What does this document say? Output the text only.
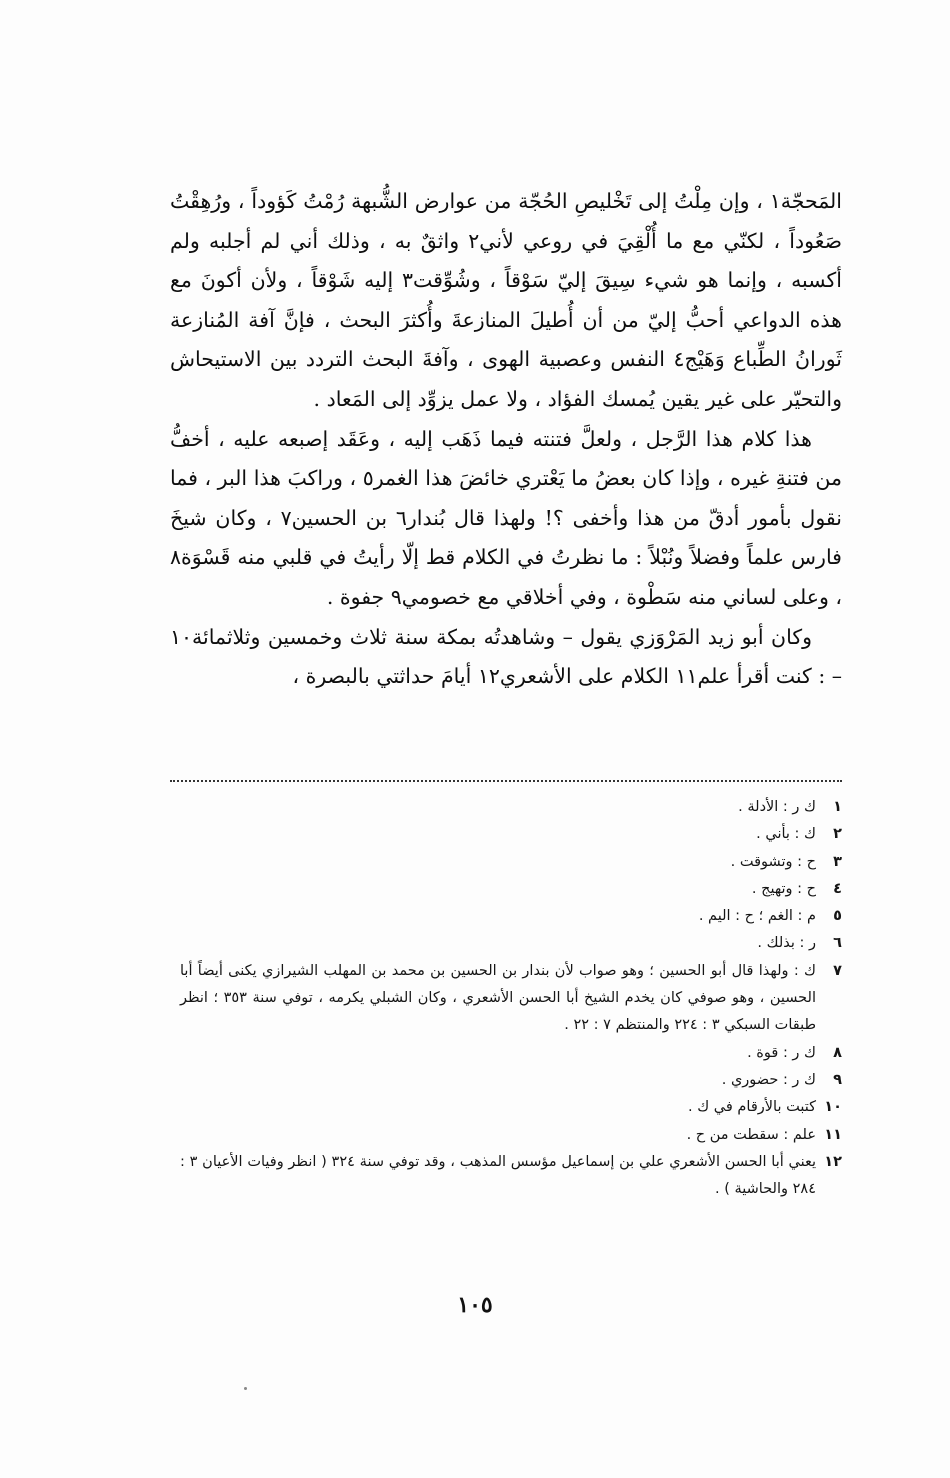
المَحجّة١ ، وإن مِلْتُ إلى تَخْليصِ الحُجّة من عوارض الشُّبهة رُمْتُ كَؤوداً ، ورُهِقْتُ صَعُوداً ، لكنّي مع ما أُلْقِيَ في روعي لأني٢ واثقٌ به ، وذلك أني لم أجلبه ولم أكسبه ، وإنما هو شيء سِيقَ إليّ سَوْقاً ، وشُوِّقت٣ إليه شَوْقاً ، ولأن أكونَ مع هذه الدواعي أحبُّ إليّ من أن أُطيلَ المنازعةَ وأُكثرَ البحث ، فإنَّ آفة المُنازعة ثَورانُ الطِّباع وَهَيْج٤ النفس وعصبية الهوى ، وآفةَ البحث التردد بين الاستيحاش والتحيّر على غير يقين يُمسك الفؤاد ، ولا عمل يزوِّد إلى المَعاد .

هذا كلام هذا الرَّجل ، ولعلَّ فتنته فيما ذَهَب إليه ، وعَقَد إصبعه عليه ، أخفُّ من فتنةِ غيره ، وإذا كان بعضُ ما يَعْتري خائضَ هذا الغمر٥ ، وراكبَ هذا البر ، فما نقول بأمور أدقّ من هذا وأخفى ؟! ولهذا قال بُندار٦ بن الحسين٧ ، وكان شيخَ فارس علماً وفضلاً ونُبْلاً : ما نظرتُ في الكلام قط إلّا رأيتُ في قلبي منه قَسْوَة٨ ، وعلى لساني منه سَطْوة ، وفي أخلاقي مع خصومي٩ جفوة .

وكان أبو زيد المَرْوَزي يقول – وشاهدتُه بمكة سنة ثلاث وخمسين وثلاثمائة١٠ – : كنت أقرأ علم١١ الكلام على الأشعري١٢ أيامَ حداثتي بالبصرة ،

١
ك ر : الأدلة .
٢
ك : بأني .
٣
ح : وتشوقت .
٤
ح : وتهيج .
٥
م : الغم ؛ ح : اليم .
٦
ر : بذلك .
٧
ك : ولهذا قال أبو الحسين ؛ وهو صواب لأن بندار بن الحسين بن محمد بن المهلب الشيرازي يكنى أيضاً أبا الحسين ، وهو صوفي كان يخدم الشيخ أبا الحسن الأشعري ، وكان الشبلي يكرمه ، توفي سنة ٣٥٣ ؛ انظر طبقات السبكي ٣ : ٢٢٤ والمنتظم ٧ : ٢٢ .
٨
ك ر : قوة .
٩
ك ر : حضوري .
١٠
كتبت بالأرقام في ك .
١١
علم : سقطت من ح .
١٢
يعني أبا الحسن الأشعري علي بن إسماعيل مؤسس المذهب ، وقد توفي سنة ٣٢٤ ( انظر وفيات الأعيان ٣ : ٢٨٤ والحاشية ) .
١٠٥
